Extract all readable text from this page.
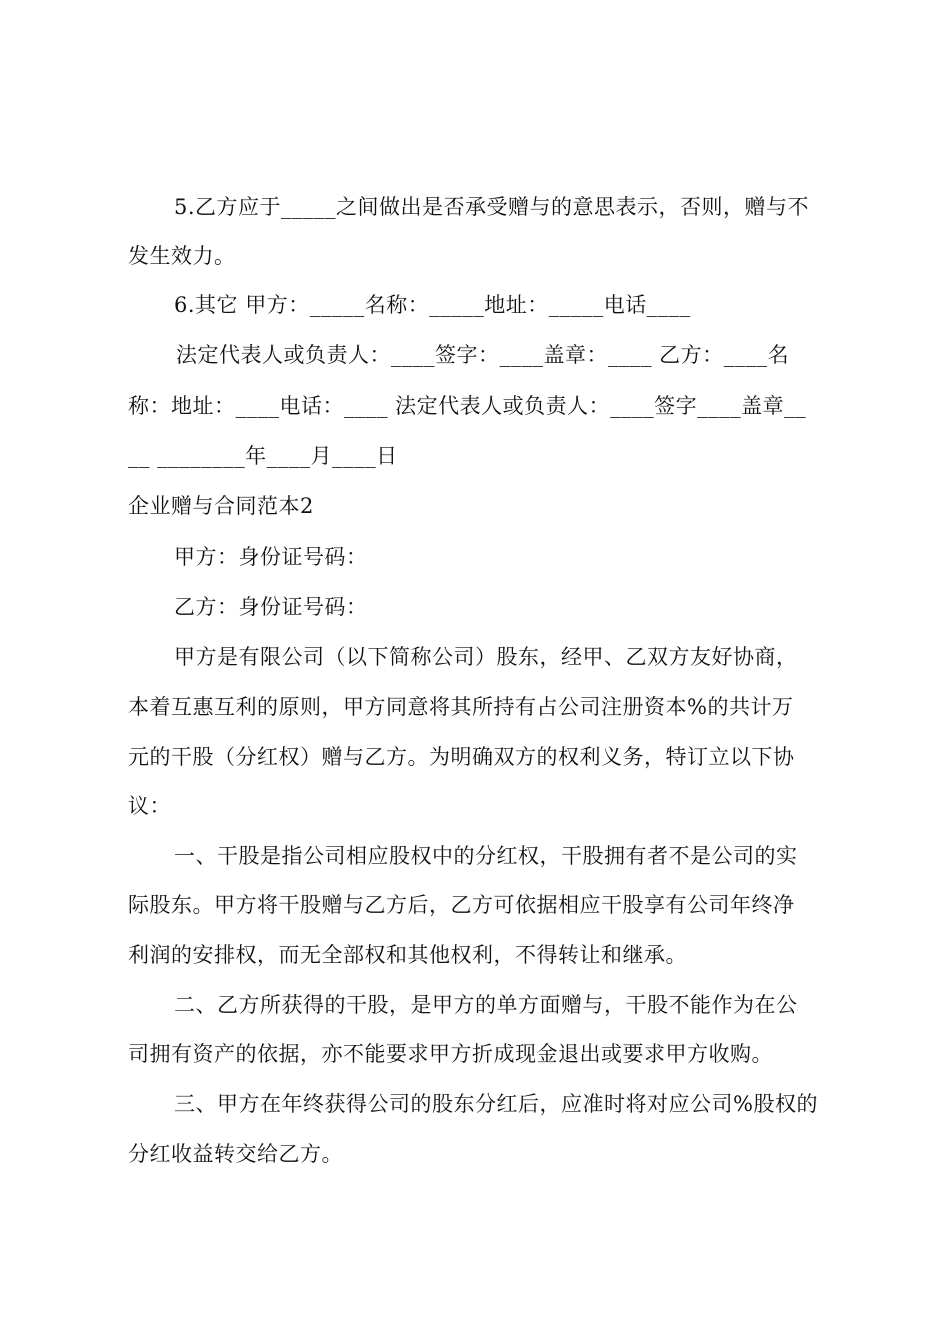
5.乙方应于_____之间做出是否承受赠与的意思表示，否则，赠与不
发生效力。
6.其它 甲方：_____名称：_____地址：_____电话____
法定代表人或负责人：____签字：____盖章：____ 乙方：____名
称：地址：____电话：____ 法定代表人或负责人：____签字____盖章__
__ ________年____月____日
企业赠与合同范本2
甲方：身份证号码：
乙方：身份证号码：
甲方是有限公司（以下简称公司）股东，经甲、乙双方友好协商，
本着互惠互利的原则，甲方同意将其所持有占公司注册资本%的共计万
元的干股（分红权）赠与乙方。为明确双方的权利义务，特订立以下协
议：
一、干股是指公司相应股权中的分红权，干股拥有者不是公司的实
际股东。甲方将干股赠与乙方后，乙方可依据相应干股享有公司年终净
利润的安排权，而无全部权和其他权利，不得转让和继承。
二、乙方所获得的干股，是甲方的单方面赠与，干股不能作为在公
司拥有资产的依据，亦不能要求甲方折成现金退出或要求甲方收购。
三、甲方在年终获得公司的股东分红后，应准时将对应公司%股权的
分红收益转交给乙方。
